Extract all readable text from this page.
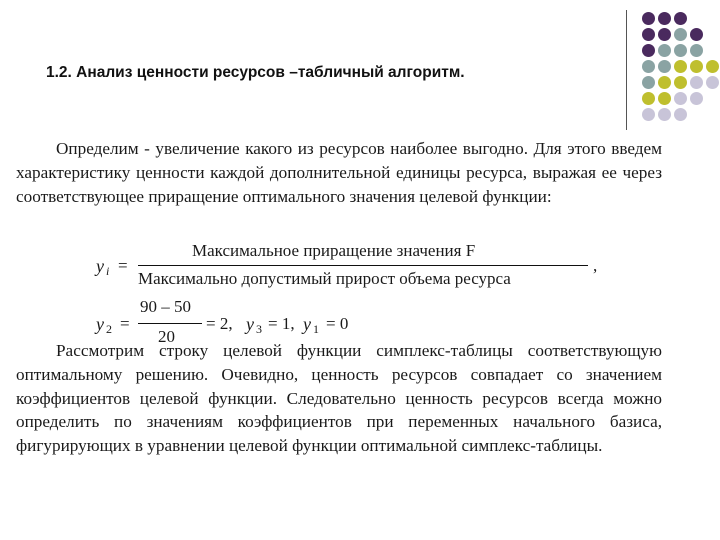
1.2. Анализ ценности ресурсов –табличный алгоритм.

Определим - увеличение какого из ресурсов наиболее выгодно. Для этого введем характеристику ценности каждой дополнительной единицы ресурса, выражая ее через соответствующее приращение оптимального значения целевой функции:

y i =
Максимальное приращение значения F
Максимально допустимый прирост объема ресурса
,
y 2 =
90 – 50
20
= 2, y 3 = 1, y 1 = 0

Рассмотрим строку целевой функции симплекс-таблицы соответствующую оптимальному решению. Очевидно, ценность ресурсов совпадает со значением коэффициентов целевой функции. Следовательно ценность ресурсов всегда можно определить по значениям коэффициентов при переменных начального базиса, фигурирующих в уравнении целевой функции оптимальной симплекс-таблицы.
